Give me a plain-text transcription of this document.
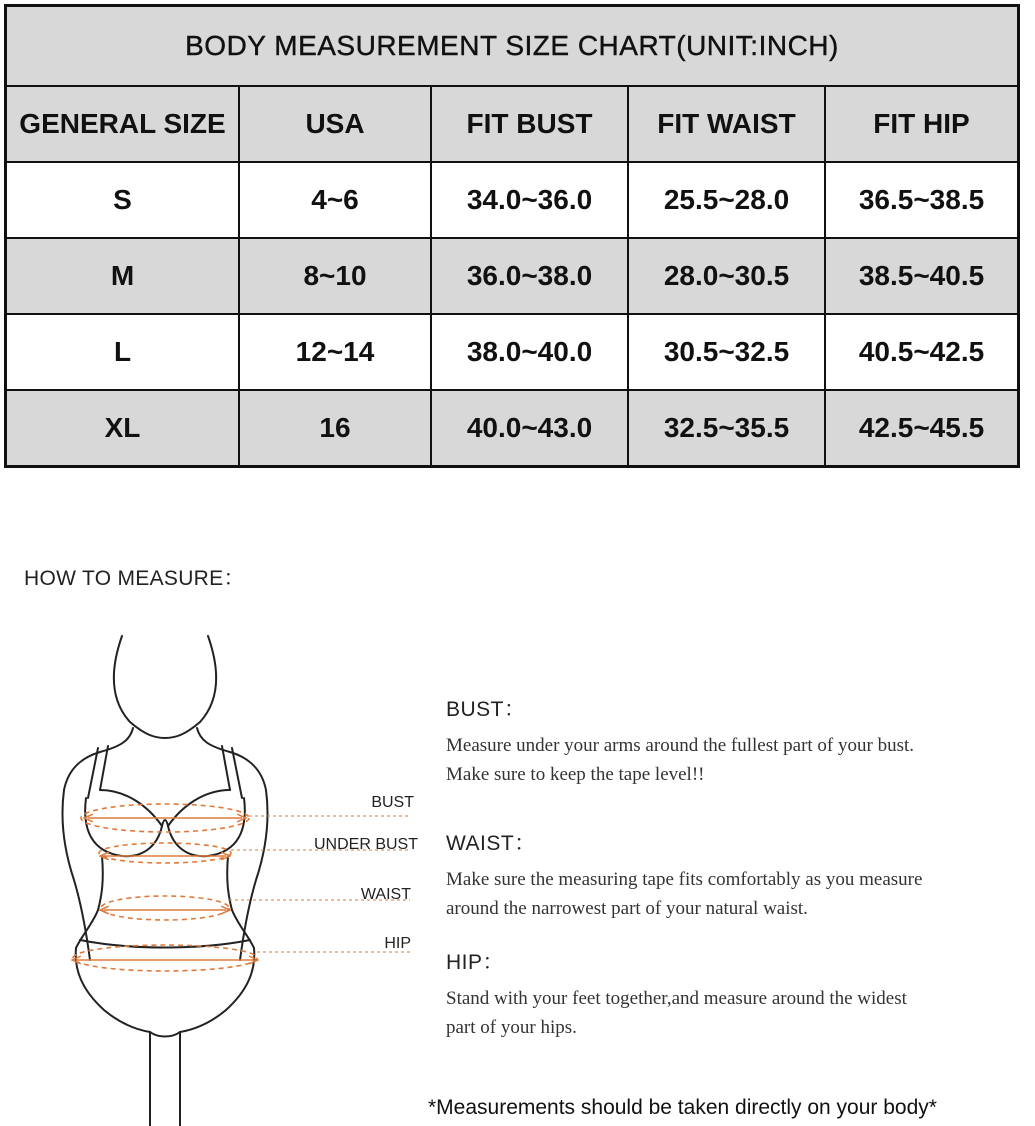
BODY MEASUREMENT SIZE CHART(UNIT:INCH)
GENERAL SIZE	USA	FIT BUST	FIT WAIST	FIT HIP
S	4~6	34.0~36.0	25.5~28.0	36.5~38.5
M	8~10	36.0~38.0	28.0~30.5	38.5~40.5
L	12~14	38.0~40.0	30.5~32.5	40.5~42.5
XL	16	40.0~43.0	32.5~35.5	42.5~45.5
HOW TO MEASURE：
BUST
UNDER BUST
WAIST
HIP
BUST：

Measure under your arms around the fullest part of your bust.

Make sure to keep the tape level!!

WAIST：

Make sure the measuring tape fits comfortably as you measure

around the narrowest part of your natural waist.

HIP：

Stand with your feet together,and measure around the widest

part of your hips.

*Measurements should be taken directly on your body*
